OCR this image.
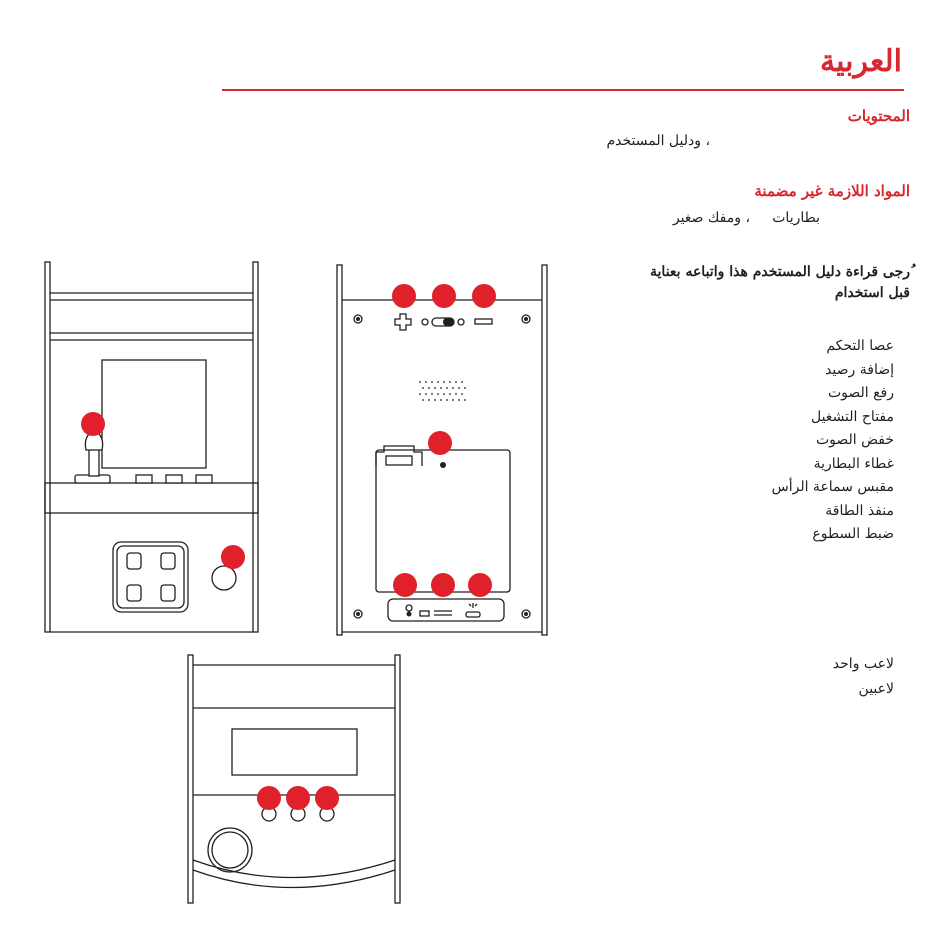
العربية
المحتويات
، ودليل المستخدم
المواد اللازمة غير مضمنة
بطاريات     ، ومفك صغير
ُرجى قراءة دليل المستخدم هذا واتباعه بعناية
قبل استخدام
عصا التحكم
إضافة رصيد
رفع الصوت
مفتاح التشغيل
خفض الصوت
غطاء البطارية
مقبس سماعة الرأس
منفذ الطاقة
ضبط السطوع
لاعب واحد
لاعبين
